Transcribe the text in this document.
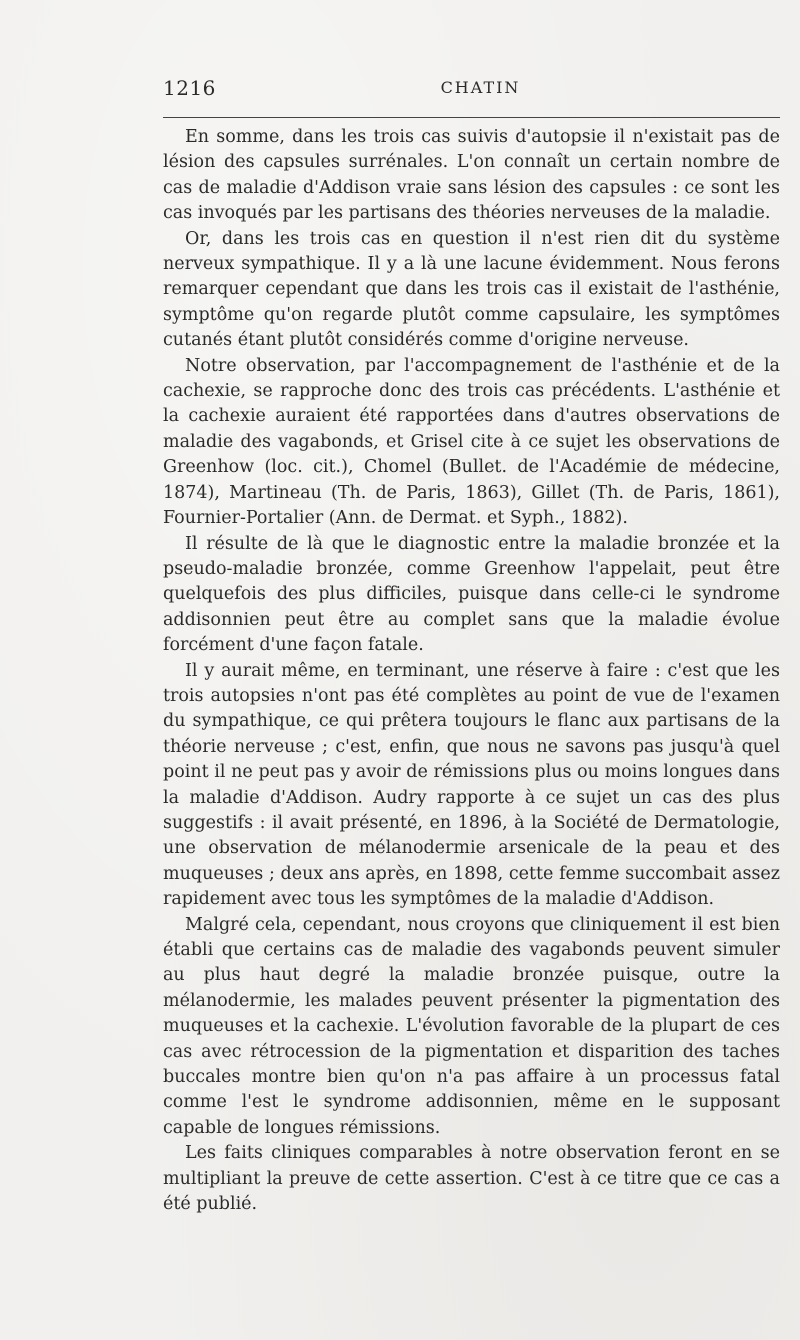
1216	CHATIN

En somme, dans les trois cas suivis d'autopsie il n'existait pas de lésion des capsules surrénales. L'on connaît un certain nombre de cas de maladie d'Addison vraie sans lésion des capsules : ce sont les cas invoqués par les partisans des théories nerveuses de la maladie.

Or, dans les trois cas en question il n'est rien dit du système nerveux sympathique. Il y a là une lacune évidemment. Nous ferons remarquer cependant que dans les trois cas il existait de l'asthénie, symptôme qu'on regarde plutôt comme capsulaire, les symptômes cutanés étant plutôt considérés comme d'origine nerveuse.

Notre observation, par l'accompagnement de l'asthénie et de la cachexie, se rapproche donc des trois cas précédents. L'asthénie et la cachexie auraient été rapportées dans d'autres observations de maladie des vagabonds, et Grisel cite à ce sujet les observations de Greenhow (loc. cit.), Chomel (Bullet. de l'Académie de médecine, 1874), Martineau (Th. de Paris, 1863), Gillet (Th. de Paris, 1861), Fournier-Portalier (Ann. de Dermat. et Syph., 1882).

Il résulte de là que le diagnostic entre la maladie bronzée et la pseudo-maladie bronzée, comme Greenhow l'appelait, peut être quelquefois des plus difficiles, puisque dans celle-ci le syndrome addisonnien peut être au complet sans que la maladie évolue forcément d'une façon fatale.

Il y aurait même, en terminant, une réserve à faire : c'est que les trois autopsies n'ont pas été complètes au point de vue de l'examen du sympathique, ce qui prêtera toujours le flanc aux partisans de la théorie nerveuse ; c'est, enfin, que nous ne savons pas jusqu'à quel point il ne peut pas y avoir de rémissions plus ou moins longues dans la maladie d'Addison. Audry rapporte à ce sujet un cas des plus suggestifs : il avait présenté, en 1896, à la Société de Dermatologie, une observation de mélanodermie arsenicale de la peau et des muqueuses ; deux ans après, en 1898, cette femme succombait assez rapidement avec tous les symptômes de la maladie d'Addison.

Malgré cela, cependant, nous croyons que cliniquement il est bien établi que certains cas de maladie des vagabonds peuvent simuler au plus haut degré la maladie bronzée puisque, outre la mélanodermie, les malades peuvent présenter la pigmentation des muqueuses et la cachexie. L'évolution favorable de la plupart de ces cas avec rétrocession de la pigmentation et disparition des taches buccales montre bien qu'on n'a pas affaire à un processus fatal comme l'est le syndrome addisonnien, même en le supposant capable de longues rémissions.

Les faits cliniques comparables à notre observation feront en se multipliant la preuve de cette assertion. C'est à ce titre que ce cas a été publié.
